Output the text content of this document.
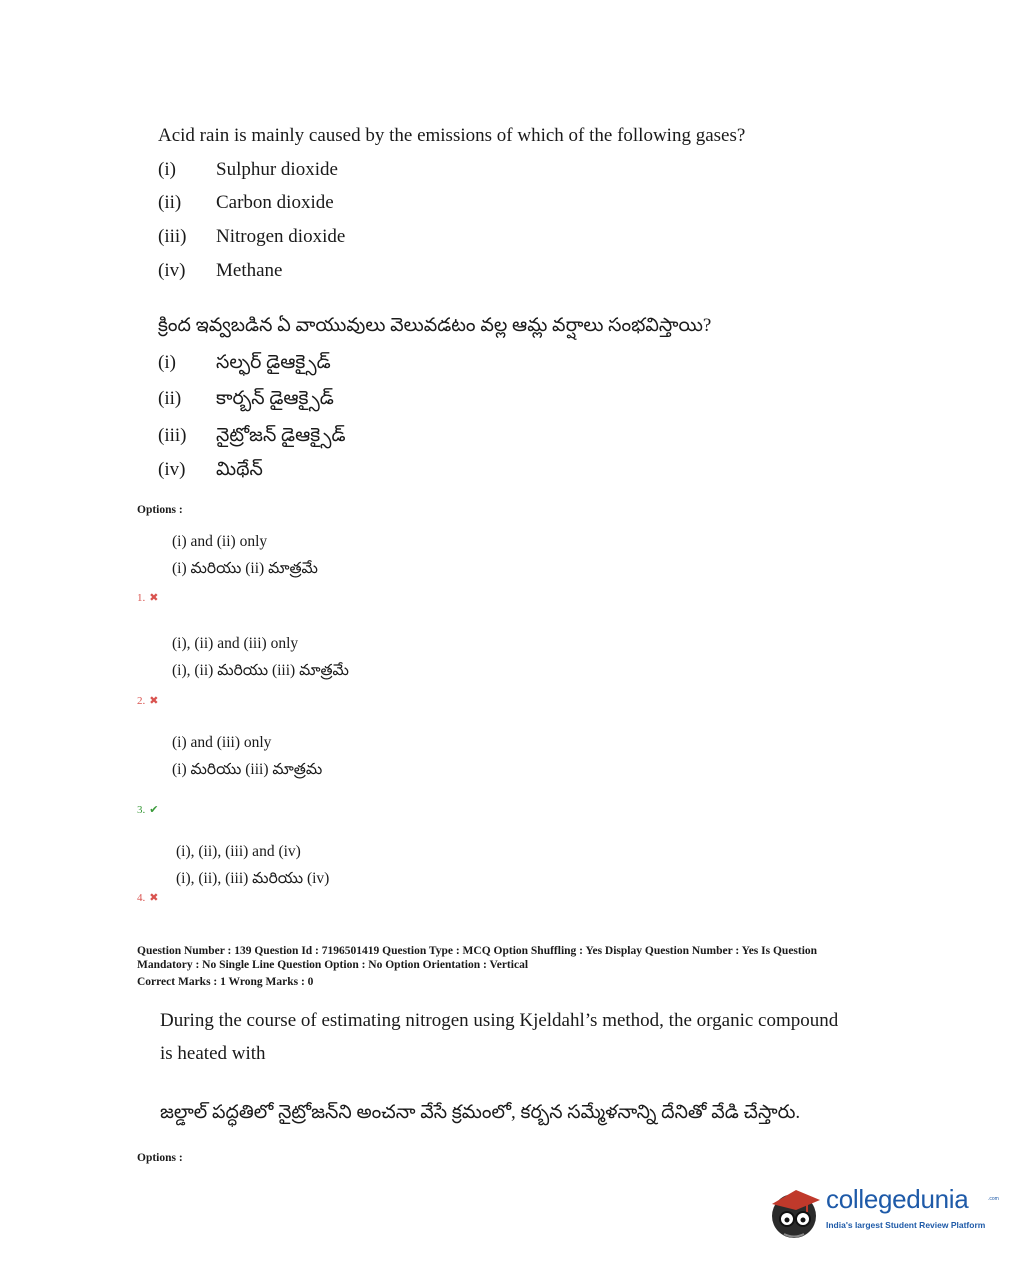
Acid rain is mainly caused by the emissions of which of the following gases?
(i) Sulphur dioxide
(ii) Carbon dioxide
(iii) Nitrogen dioxide
(iv) Methane
క్రింద ఇవ్వబడిన ఏ వాయువులు వెలువడటం వల్ల ఆమ్ల వర్షాలు సంభవిస్తాయి?
(i) సల్ఫర్ డైఆక్సైడ్
(ii) కార్బన్ డైఆక్సైడ్
(iii) నైట్రోజన్ డైఆక్సైడ్
(iv) మిథేన్
Options :
(i) and (ii) only
(i) మరియు (ii) మాత్రమే
1. ✖
(i), (ii) and (iii) only
(i), (ii) మరియు (iii) మాత్రమే
2. ✖
(i) and (iii) only
(i) మరియు (iii) మాత్రమ
3. ✔
(i), (ii), (iii) and (iv)
(i), (ii), (iii) మరియు (iv)
4. ✖
Question Number : 139 Question Id : 7196501419 Question Type : MCQ Option Shuffling : Yes Display Question Number : Yes Is Question
Mandatory : No Single Line Question Option : No Option Orientation : Vertical
Correct Marks : 1 Wrong Marks : 0
During the course of estimating nitrogen using Kjeldahl’s method, the organic compound
is heated with
జల్డాల్ పద్ధతిలో నైట్రోజన్‌ని అంచనా వేసే క్రమంలో, కర్బన సమ్మేళనాన్ని దేనితో వేడి చేస్తారు.
Options :
collegedunia	.com
India's largest Student Review Platform
